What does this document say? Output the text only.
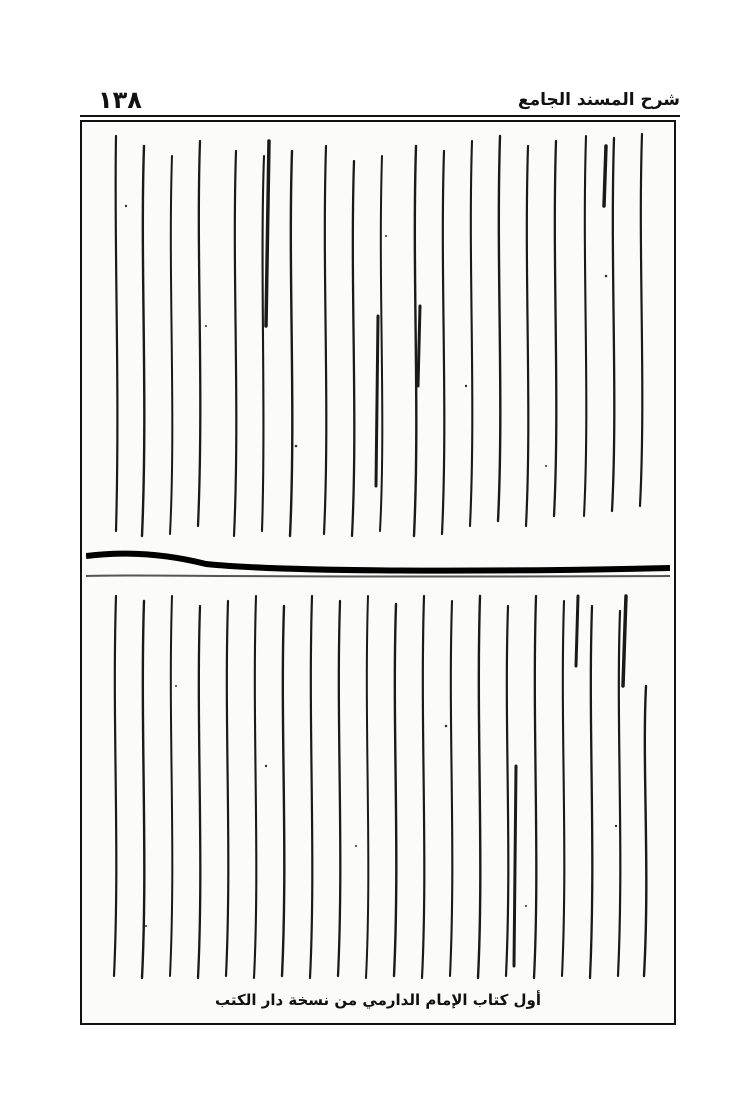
١٣٨	شرح المسند الجامع
أول كتاب الإمام الدارمي من نسخة دار الكتب
